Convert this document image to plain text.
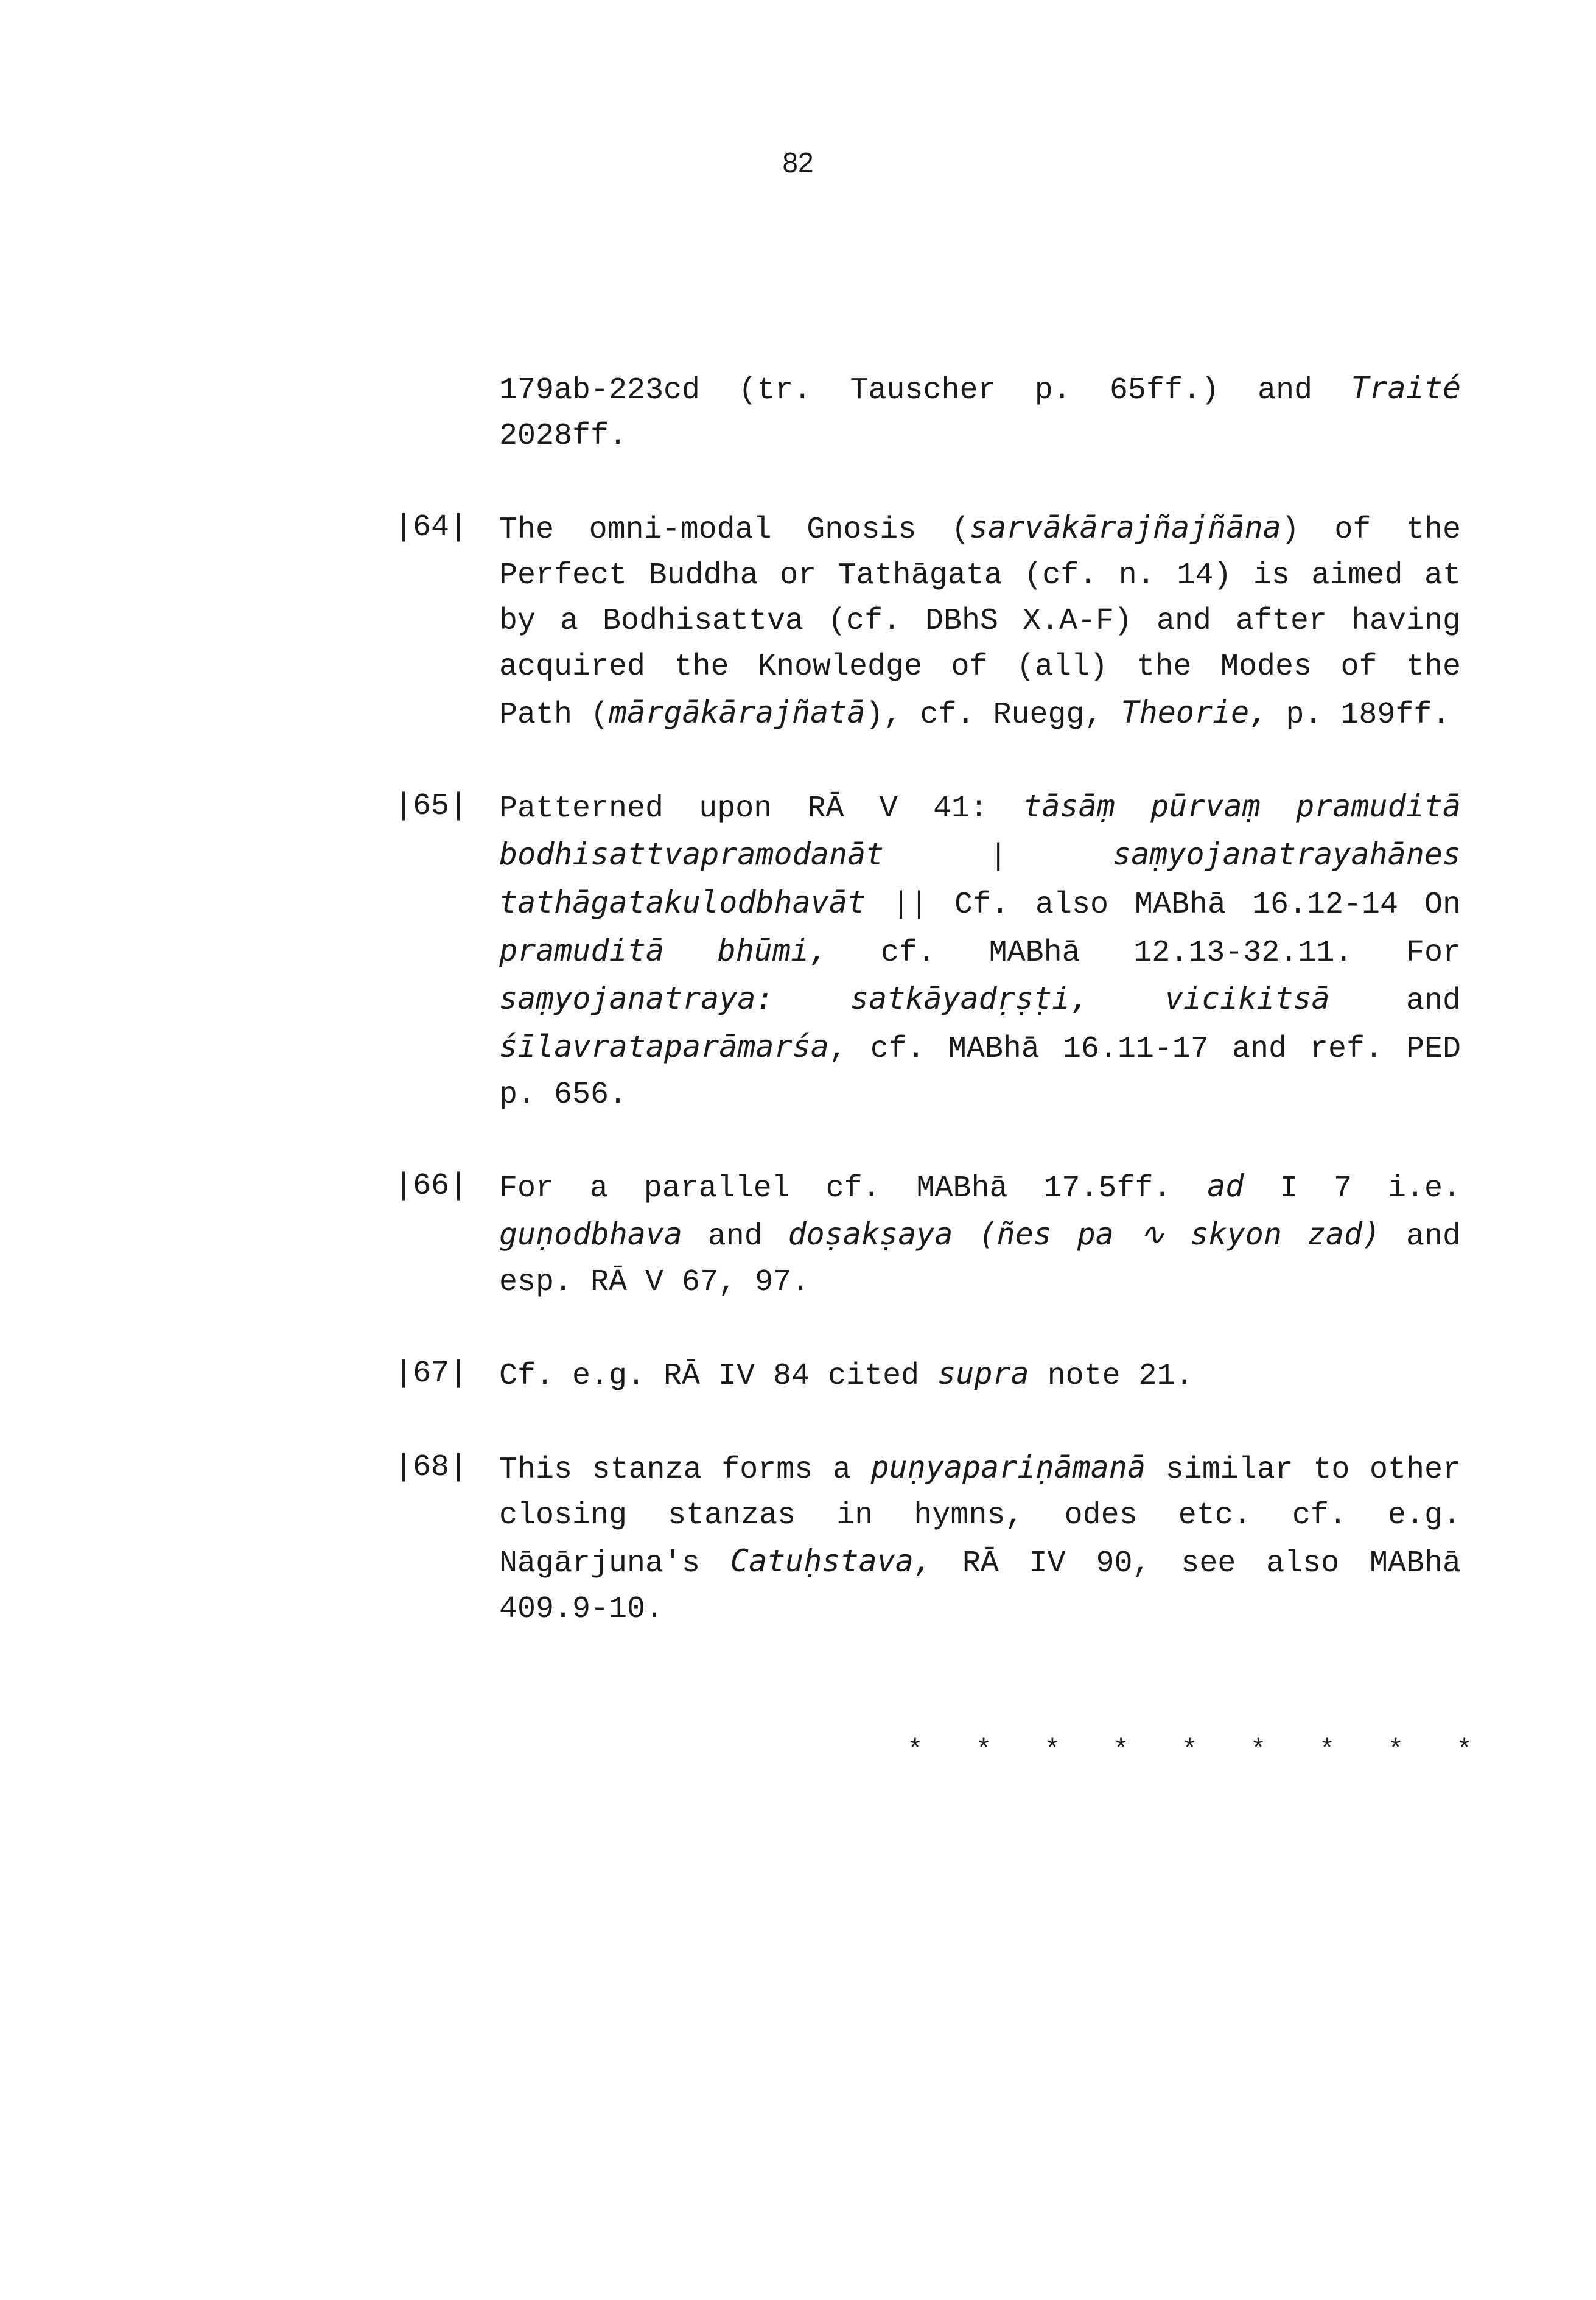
82
179ab-223cd (tr. Tauscher p. 65ff.) and Traité 2028ff.
|64| The omni-modal Gnosis (sarvākārajñajñāna) of the Perfect Buddha or Tathāgata (cf. n. 14) is aimed at by a Bodhisattva (cf. DBhS X.A-F) and after having acquired the Knowledge of (all) the Modes of the Path (mārgākārajñatā), cf. Ruegg, Theorie, p. 189ff.
|65| Patterned upon RĀ V 41: tāsāṃ pūrvaṃ pramuditā bodhisattvapramodanāt | saṃyojanatrayahānes tathāgatakulodbhavāt || Cf. also MABhā 16.12-14 On pramuditā bhūmi, cf. MABhā 12.13-32.11. For saṃyojanatraya: satkāyadṛṣṭi, vicikitsā and śīlavrataparāmarśa, cf. MABhā 16.11-17 and ref. PED p. 656.
|66| For a parallel cf. MABhā 17.5ff. ad I 7 i.e. guṇodbhava and doṣakṣaya (ñes pa ∿ skyon zad) and esp. RĀ V 67, 97.
|67| Cf. e.g. RĀ IV 84 cited supra note 21.
|68| This stanza forms a puṇyapariṇāmanā similar to other closing stanzas in hymns, odes etc. cf. e.g. Nāgārjuna's Catuḥstava, RĀ IV 90, see also MABhā 409.9-10.
* * * * * * * * *
